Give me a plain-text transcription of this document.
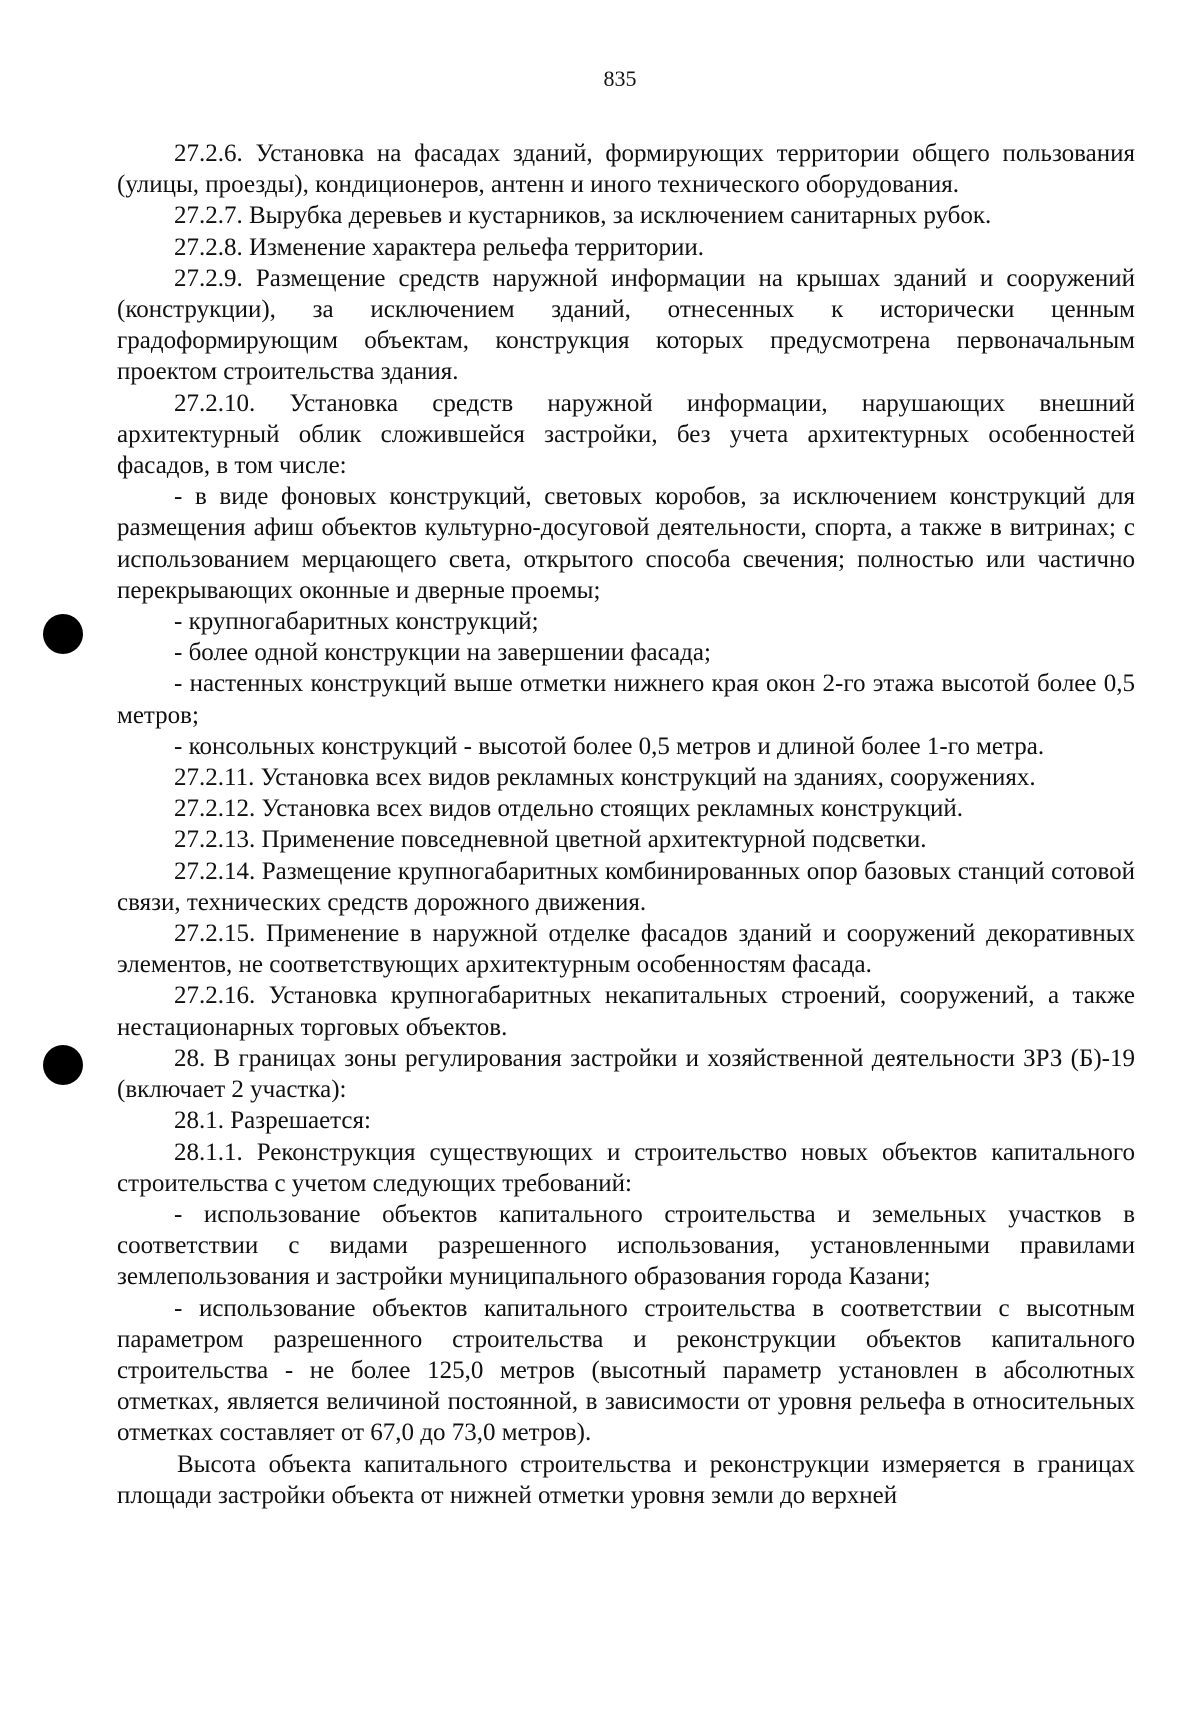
835

27.2.6. Установка на фасадах зданий, формирующих территории общего пользования (улицы, проезды), кондиционеров, антенн и иного технического оборудования.

27.2.7. Вырубка деревьев и кустарников, за исключением санитарных рубок.

27.2.8. Изменение характера рельефа территории.

27.2.9. Размещение средств наружной информации на крышах зданий и сооружений (конструкции), за исключением зданий, отнесенных к исторически ценным градоформирующим объектам, конструкция которых предусмотрена первоначальным проектом строительства здания.

27.2.10. Установка средств наружной информации, нарушающих внешний архитектурный облик сложившейся застройки, без учета архитектурных особенностей фасадов, в том числе:

- в виде фоновых конструкций, световых коробов, за исключением конструкций для размещения афиш объектов культурно-досуговой деятельности, спорта, а также в витринах; с использованием мерцающего света, открытого способа свечения; полностью или частично перекрывающих оконные и дверные проемы;

- крупногабаритных конструкций;

- более одной конструкции на завершении фасада;

- настенных конструкций выше отметки нижнего края окон 2-го этажа высотой более 0,5 метров;

- консольных конструкций - высотой более 0,5 метров и длиной более 1-го метра.

27.2.11. Установка всех видов рекламных конструкций на зданиях, сооружениях.

27.2.12. Установка всех видов отдельно стоящих рекламных конструкций.

27.2.13. Применение повседневной цветной архитектурной подсветки.

27.2.14. Размещение крупногабаритных комбинированных опор базовых станций сотовой связи, технических средств дорожного движения.

27.2.15. Применение в наружной отделке фасадов зданий и сооружений декоративных элементов, не соответствующих архитектурным особенностям фасада.

27.2.16. Установка крупногабаритных некапитальных строений, сооружений, а также нестационарных торговых объектов.

28. В границах зоны регулирования застройки и хозяйственной деятельности ЗРЗ (Б)-19 (включает 2 участка):

28.1. Разрешается:

28.1.1. Реконструкция существующих и строительство новых объектов капитального строительства с учетом следующих требований:

- использование объектов капитального строительства и земельных участков в соответствии с видами разрешенного использования, установленными правилами землепользования и застройки муниципального образования города Казани;

- использование объектов капитального строительства в соответствии с высотным параметром разрешенного строительства и реконструкции объектов капитального строительства - не более 125,0 метров (высотный параметр установлен в абсолютных отметках, является величиной постоянной, в зависимости от уровня рельефа в относительных отметках составляет от 67,0 до 73,0 метров).

Высота объекта капитального строительства и реконструкции измеряется в границах площади застройки объекта от нижней отметки уровня земли до верхней
